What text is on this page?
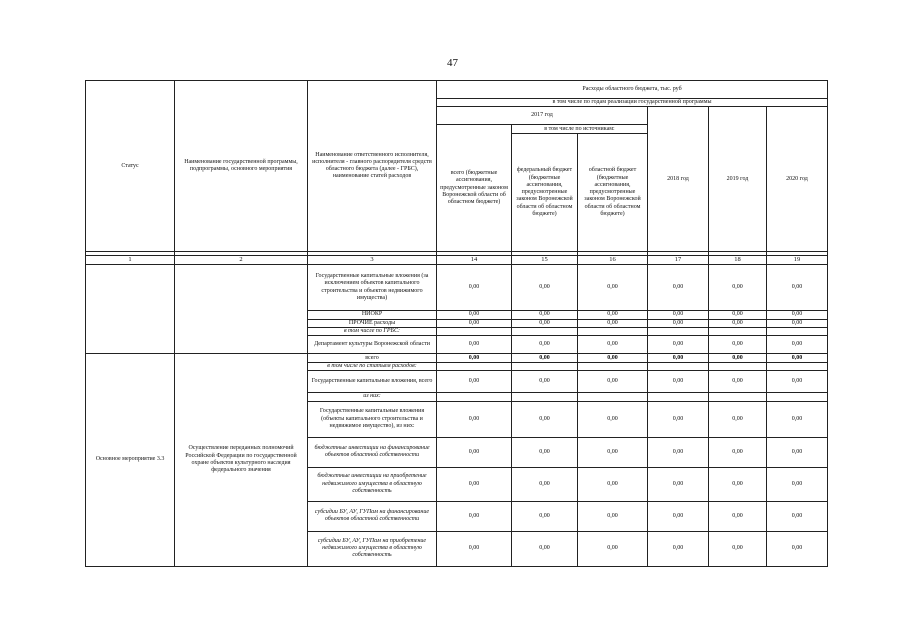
47
Статус	Наименование государственной программы, подпрограммы, основного мероприятия	Наименование ответственного исполнителя, исполнителя - главного распорядителя средств областного бюджета (далее - ГРБС), наименование статей расходов	Расходы областного бюджета, тыс. руб					
			в том числе по годам реализации государственной программы					
			2017 год			2018 год	2019 год	2020 год
			всего (бюджетные ассигнования, предусмотренные законом Воронежской области об областном бюджете)	в том числе по источникам:				
				федеральный бюджет (бюджетные ассигнования, предусмотренные законом Воронежской области об областном бюджете)	областной бюджет (бюджетные ассигнования, предусмотренные законом Воронежской области об областном бюджете)			

1	2	3	14	15	16	17	18	19
		Государственные капитальные вложения (за исключением объектов капитального строительства и объектов недвижимого имущества)	0,00	0,00	0,00	0,00	0,00	0,00
		НИОКР	0,00	0,00	0,00	0,00	0,00	0,00
		ПРОЧИЕ расходы	0,00	0,00	0,00	0,00	0,00	0,00
		в том числе по ГРБС:						
		Департамент культуры Воронежской области	0,00	0,00	0,00	0,00	0,00	0,00
Основное мероприятие 3.3	Осуществление переданных полномочий Российской Федерации по государственной охране объектов культурного наследия федерального значения	всего	0,00	0,00	0,00	0,00	0,00	0,00
		в том числе по статьям расходов:						
		Государственные капитальные вложения, всего	0,00	0,00	0,00	0,00	0,00	0,00
		из них:						
		Государственные капитальные вложения (объекты капитального строительства и недвижимое имущество), из них:	0,00	0,00	0,00	0,00	0,00	0,00
		бюджетные инвестиции на финансирование объектов областной собственности	0,00	0,00	0,00	0,00	0,00	0,00
		бюджетные инвестиции на приобретение недвижимого имущества в областную собственность	0,00	0,00	0,00	0,00	0,00	0,00
		субсидии БУ, АУ, ГУПам на финансирование объектов областной собственности	0,00	0,00	0,00	0,00	0,00	0,00
		субсидии БУ, АУ, ГУПам на приобретение недвижимого имущества в областную собственность	0,00	0,00	0,00	0,00	0,00	0,00
